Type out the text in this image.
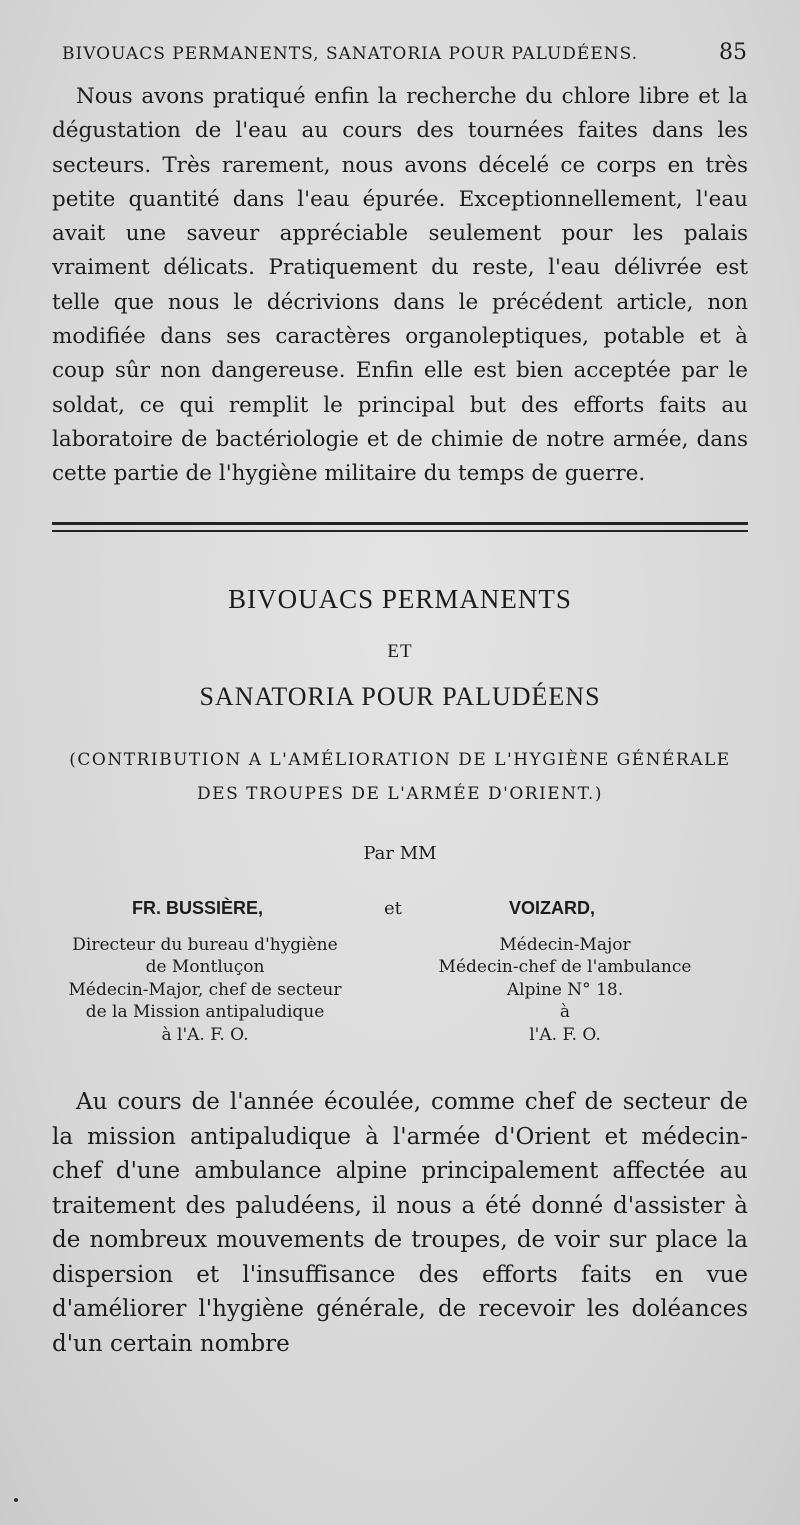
BIVOUACS PERMANENTS, SANATORIA POUR PALUDÉENS.	85

Nous avons pratiqué enfin la recherche du chlore libre et la dégustation de l'eau au cours des tournées faites dans les secteurs. Très rarement, nous avons décelé ce corps en très petite quantité dans l'eau épurée. Exceptionnellement, l'eau avait une saveur appréciable seulement pour les palais vraiment délicats. Pratiquement du reste, l'eau délivrée est telle que nous le décrivions dans le précédent article, non modifiée dans ses caractères organoleptiques, potable et à coup sûr non dangereuse. Enfin elle est bien acceptée par le soldat, ce qui remplit le principal but des efforts faits au laboratoire de bactériologie et de chimie de notre armée, dans cette partie de l'hygiène militaire du temps de guerre.

BIVOUACS PERMANENTS
ET
SANATORIA POUR PALUDÉENS
(CONTRIBUTION A L'AMÉLIORATION DE L'HYGIÈNE GÉNÉRALE
DES TROUPES DE L'ARMÉE D'ORIENT.)
Par MM
FR. BUSSIÈRE,	et	VOIZARD,
Directeur du bureau d'hygiène
de Montluçon
Médecin-Major, chef de secteur
de la Mission antipaludique
à l'A. F. O.
Médecin-Major
Médecin-chef de l'ambulance
Alpine N° 18.
à
l'A. F. O.

Au cours de l'année écoulée, comme chef de secteur de la mission antipaludique à l'armée d'Orient et médecin-chef d'une ambulance alpine principalement affectée au traitement des paludéens, il nous a été donné d'assister à de nombreux mouvements de troupes, de voir sur place la dispersion et l'insuffisance des efforts faits en vue d'améliorer l'hygiène générale, de recevoir les doléances d'un certain nombre
